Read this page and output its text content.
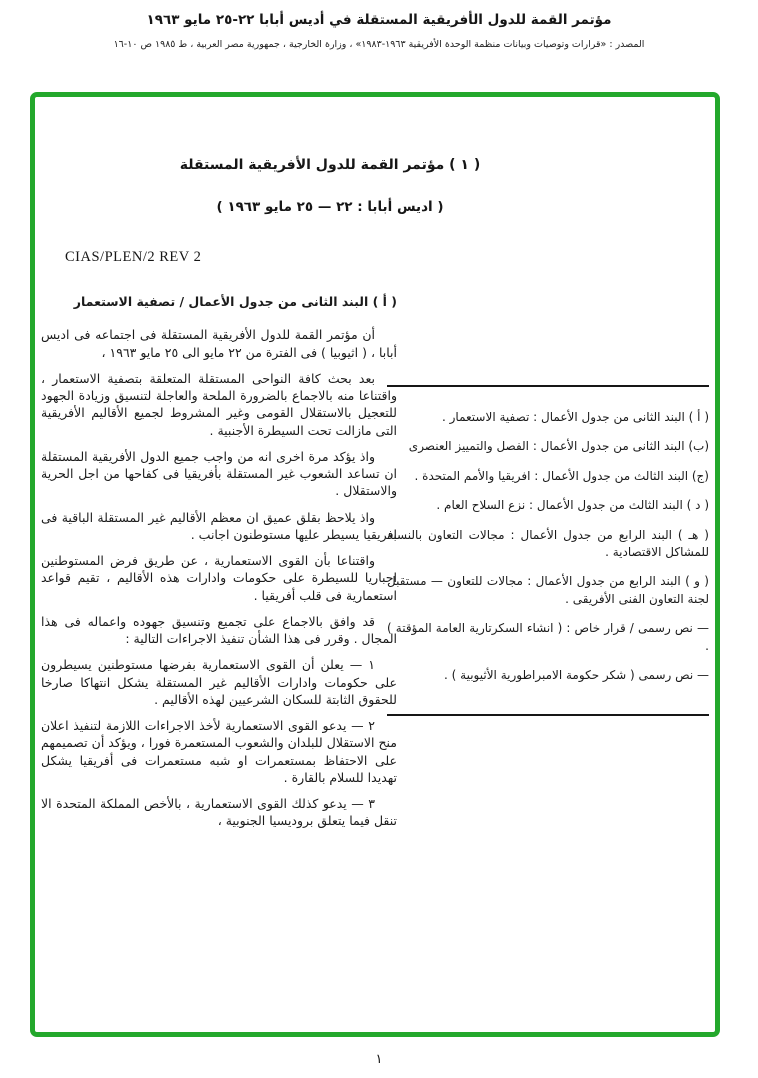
مؤتمر القمة للدول الأفريقية المستقلة في أديس أبابا ٢٢-٢٥ مايو ١٩٦٣
المصدر : «قرارات وتوصيات وبيانات منظمة الوحدة الأفريقية ١٩٦٣-١٩٨٣» ، وزارة الخارجية ، جمهورية مصر العربية ، ط ١٩٨٥ ص ١٠-١٦
( ١ ) مؤتمر القمة للدول الأفريقية المستقلة
( اديس أبابا : ٢٢ — ٢٥ مايو ١٩٦٣ )
CIAS/PLEN/2 REV 2
( أ ) البند الثانى من جدول الأعمال / تصفية الاستعمار

أن مؤتمر القمة للدول الأفريقية المستقلة فى اجتماعه فى اديس أبابا ، ( اثيوبيا ) فى الفترة من ٢٢ مايو الى ٢٥ مايو ١٩٦٣ ،

بعد بحث كافة النواحى المستقلة المتعلقة بتصفية الاستعمار ، واقتناعا منه بالاجماع بالضرورة الملحة والعاجلة لتنسيق وزيادة الجهود للتعجيل بالاستقلال القومى وغير المشروط لجميع الأقاليم الأفريقية التى مازالت تحت السيطرة الأجنبية .

واذ يؤكد مرة اخرى انه من واجب جميع الدول الأفريقية المستقلة ان تساعد الشعوب غير المستقلة بأفريقيا فى كفاحها من اجل الحرية والاستقلال .

واذ يلاحظ بقلق عميق ان معظم الأقاليم غير المستقلة الباقية فى افريقيا يسيطر عليها مستوطنون اجانب .

واقتناعا بأن القوى الاستعمارية ، عن طريق فرض المستوطنين اجباريا للسيطرة على حكومات وادارات هذه الأقاليم ، تقيم قواعد استعمارية فى قلب أفريقيا .

قد وافق بالاجماع على تجميع وتنسيق جهوده واعماله فى هذا المجال . وقرر فى هذا الشأن تنفيذ الاجراءات التالية :

١ — يعلن أن القوى الاستعمارية بفرضها مستوطنين يسيطرون على حكومات وادارات الأقاليم غير المستقلة يشكل انتهاكا صارخا للحقوق الثابتة للسكان الشرعيين لهذه الأقاليم .

٢ — يدعو القوى الاستعمارية لأخذ الاجراءات اللازمة لتنفيذ اعلان منح الاستقلال للبلدان والشعوب المستعمرة فورا ، ويؤكد أن تصميمهم على الاحتفاظ بمستعمرات او شبه مستعمرات فى أفريقيا يشكل تهديدا للسلام بالقارة .

٣ — يدعو كذلك القوى الاستعمارية ، بالأخص المملكة المتحدة الا تنقل فيما يتعلق بروديسيا الجنوبية ،

( أ ) البند الثانى من جدول الأعمال : تصفية الاستعمار .
(ب) البند الثانى من جدول الأعمال : الفصل والتمييز العنصرى
(ج) البند الثالث من جدول الأعمال : افريقيا والأمم المتحدة .
( د ) البند الثالث من جدول الأعمال : نزع السلاح العام .
( هـ ) البند الرابع من جدول الأعمال : مجالات التعاون بالنسبة للمشاكل الاقتصادية .
( و ) البند الرابع من جدول الأعمال : مجالات للتعاون — مستقبل لجنة التعاون الفنى الأفريقى .
— نص رسمى / قرار خاص : ( انشاء السكرتارية العامة المؤقتة ) .
— نص رسمى ( شكر حكومة الامبراطورية الأثيوبية ) .
١
